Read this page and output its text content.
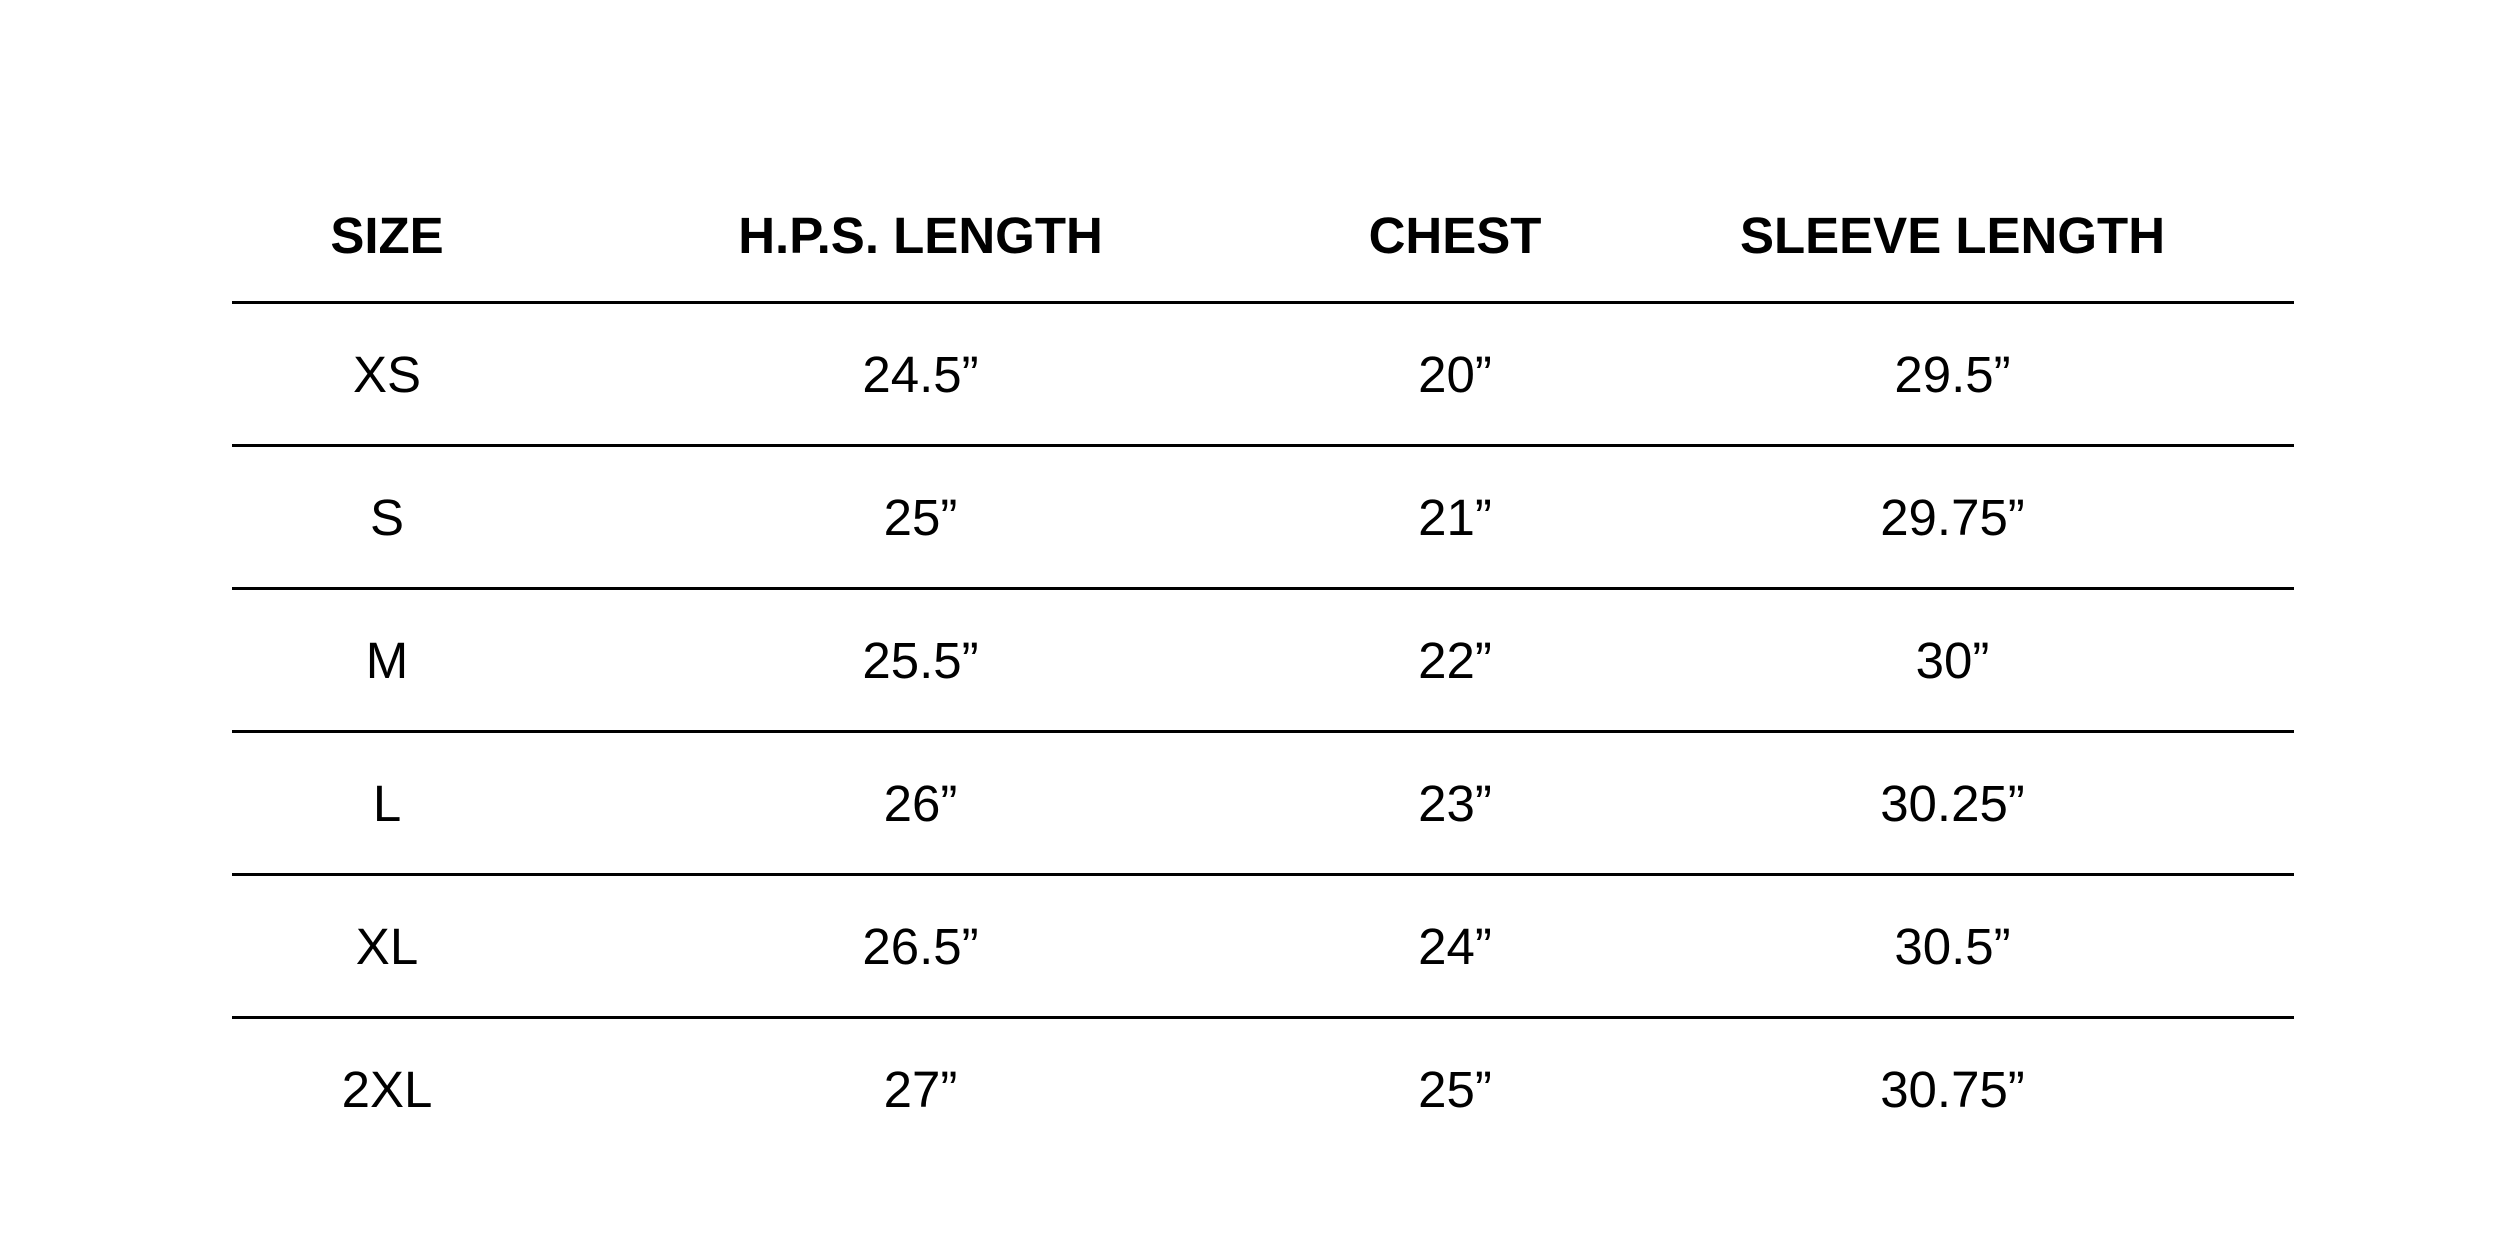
SIZE	H.P.S. LENGTH	CHEST	SLEEVE LENGTH
XS	24.5”	20”	29.5”
S	25”	21”	29.75”
M	25.5”	22”	30”
L	26”	23”	30.25”
XL	26.5”	24”	30.5”
2XL	27”	25”	30.75”
